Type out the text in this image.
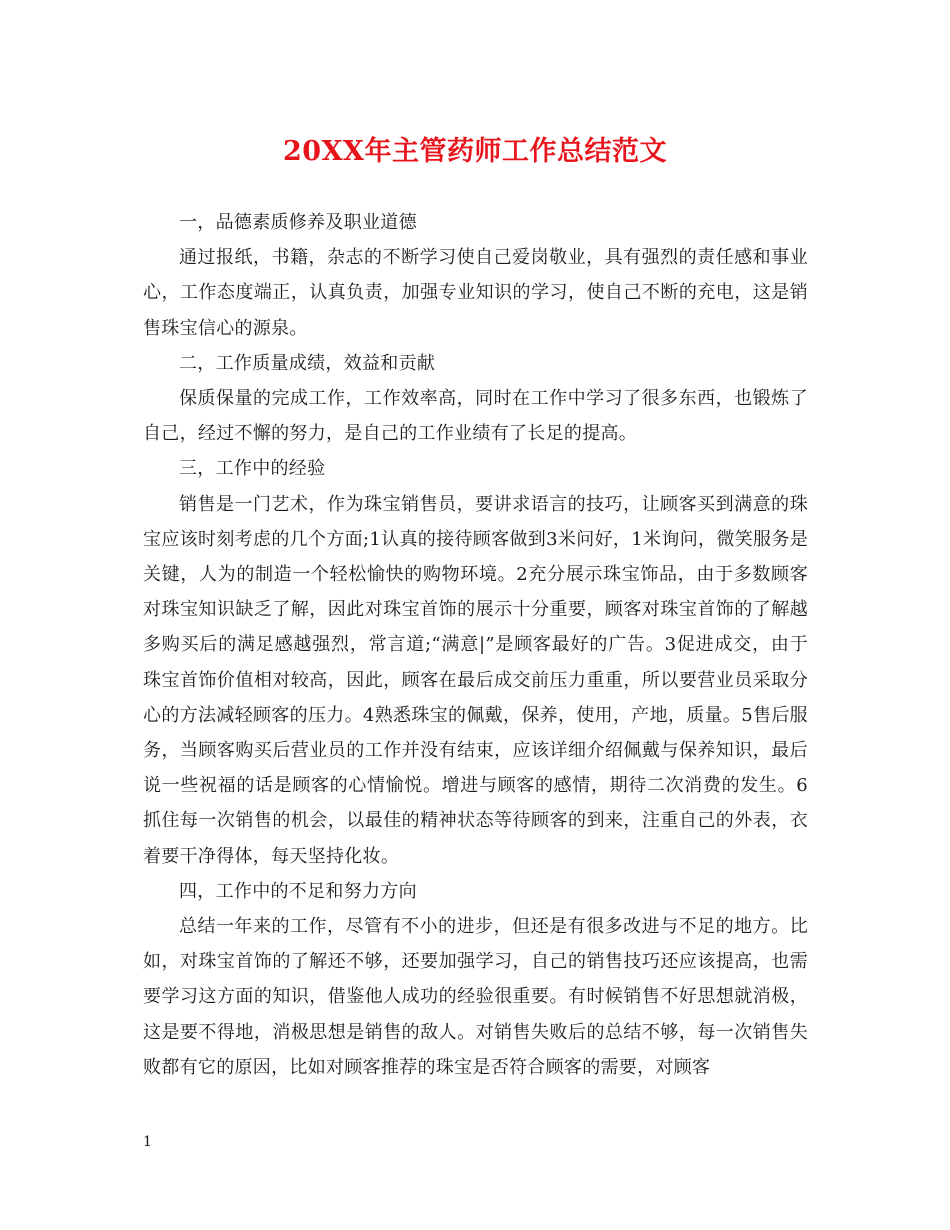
20XX年主管药师工作总结范文

一，品德素质修养及职业道德

通过报纸，书籍，杂志的不断学习使自己爱岗敬业，具有强烈的责任感和事业心，工作态度端正，认真负责，加强专业知识的学习，使自己不断的充电，这是销售珠宝信心的源泉。

二，工作质量成绩，效益和贡献

保质保量的完成工作，工作效率高，同时在工作中学习了很多东西，也锻炼了自己，经过不懈的努力，是自己的工作业绩有了长足的提高。

三，工作中的经验

销售是一门艺术，作为珠宝销售员，要讲求语言的技巧，让顾客买到满意的珠宝应该时刻考虑的几个方面;1认真的接待顾客做到3米问好，1米询问，微笑服务是关键，人为的制造一个轻松愉快的购物环境。2充分展示珠宝饰品，由于多数顾客对珠宝知识缺乏了解，因此对珠宝首饰的展示十分重要，顾客对珠宝首饰的了解越多购买后的满足感越强烈，常言道;“满意|”是顾客最好的广告。3促进成交，由于珠宝首饰价值相对较高，因此，顾客在最后成交前压力重重，所以要营业员采取分心的方法减轻顾客的压力。4熟悉珠宝的佩戴，保养，使用，产地，质量。5售后服务，当顾客购买后营业员的工作并没有结束，应该详细介绍佩戴与保养知识，最后说一些祝福的话是顾客的心情愉悦。增进与顾客的感情，期待二次消费的发生。6抓住每一次销售的机会，以最佳的精神状态等待顾客的到来，注重自己的外表，衣着要干净得体，每天坚持化妆。

四，工作中的不足和努力方向

总结一年来的工作，尽管有不小的进步，但还是有很多改进与不足的地方。比如，对珠宝首饰的了解还不够，还要加强学习，自己的销售技巧还应该提高，也需要学习这方面的知识，借鉴他人成功的经验很重要。有时候销售不好思想就消极，这是要不得地，消极思想是销售的敌人。对销售失败后的总结不够，每一次销售失败都有它的原因，比如对顾客推荐的珠宝是否符合顾客的需要，对顾客

1
